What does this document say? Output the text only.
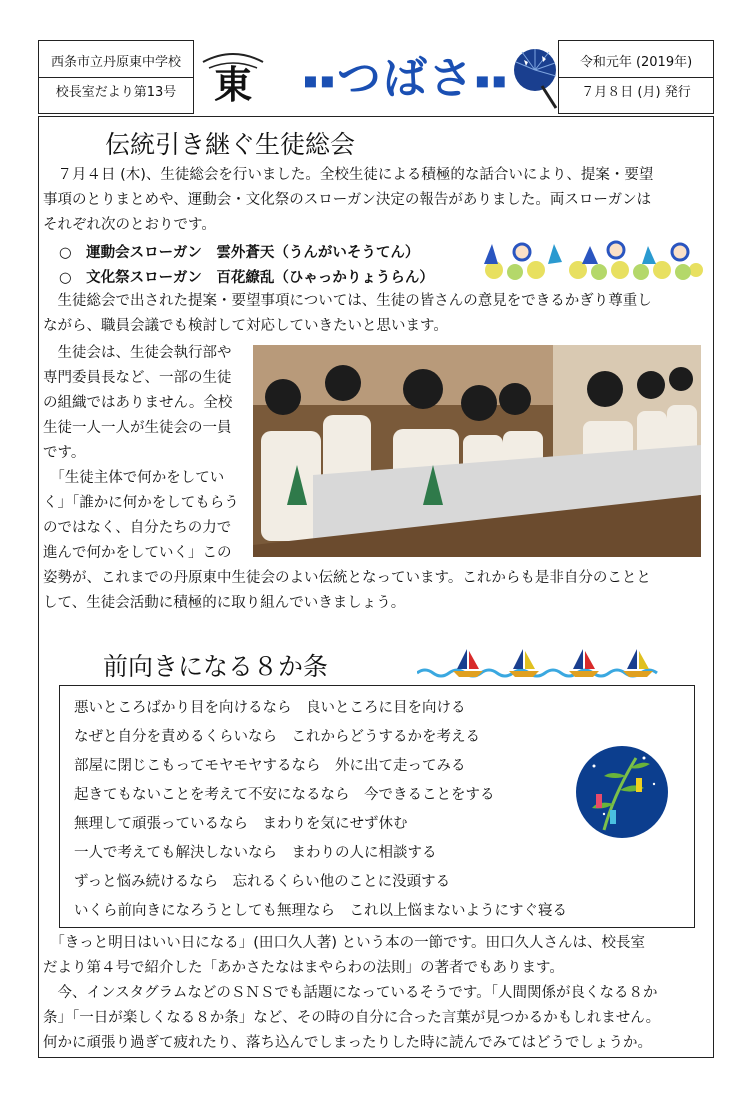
西条市立丹原東中学校
校長室だより第13号 東 ▪▪つばさ▪▪
令和元年 (2019年)
７月８日 (月) 発行
伝統引き継ぐ生徒総会
　７月４日 (木)、生徒総会を行いました。全校生徒による積極的な話合いにより、提案・要望
事項のとりまとめや、運動会・文化祭のスローガン決定の報告がありました。両スローガンは
それぞれ次のとおりです。
○　運動会スローガン　雲外蒼天（うんがいそうてん）
○　文化祭スローガン　百花繚乱（ひゃっかりょうらん）
　生徒総会で出された提案・要望事項については、生徒の皆さんの意見をできるかぎり尊重し
ながら、職員会議でも検討して対応していきたいと思います。
　生徒会は、生徒会執行部や
専門委員長など、一部の生徒
の組織ではありません。全校
生徒一人一人が生徒会の一員
です。
　「生徒主体で何かをしてい
く」「誰かに何かをしてもらう
のではなく、自分たちの力で
進んで何かをしていく」この
姿勢が、これまでの丹原東中生徒会のよい伝統となっています。これからも是非自分のことと
して、生徒会活動に積極的に取り組んでいきましょう。
前向きになる８か条
悪いところばかり目を向けるなら　良いところに目を向ける
なぜと自分を責めるくらいなら　これからどうするかを考える
部屋に閉じこもってモヤモヤするなら　外に出て走ってみる
起きてもないことを考えて不安になるなら　今できることをする
無理して頑張っているなら　まわりを気にせず休む
一人で考えても解決しないなら　まわりの人に相談する
ずっと悩み続けるなら　忘れるくらい他のことに没頭する
いくら前向きになろうとしても無理なら　これ以上悩まないようにすぐ寝る
　「きっと明日はいい日になる」(田口久人著) という本の一節です。田口久人さんは、校長室
だより第４号で紹介した「あかさたなはまやらわの法則」の著者でもあります。
　今、インスタグラムなどのＳＮＳでも話題になっているそうです。「人間関係が良くなる８か
条」「一日が楽しくなる８か条」など、その時の自分に合った言葉が見つかるかもしれません。
何かに頑張り過ぎて疲れたり、落ち込んでしまったりした時に読んでみてはどうでしょうか。
